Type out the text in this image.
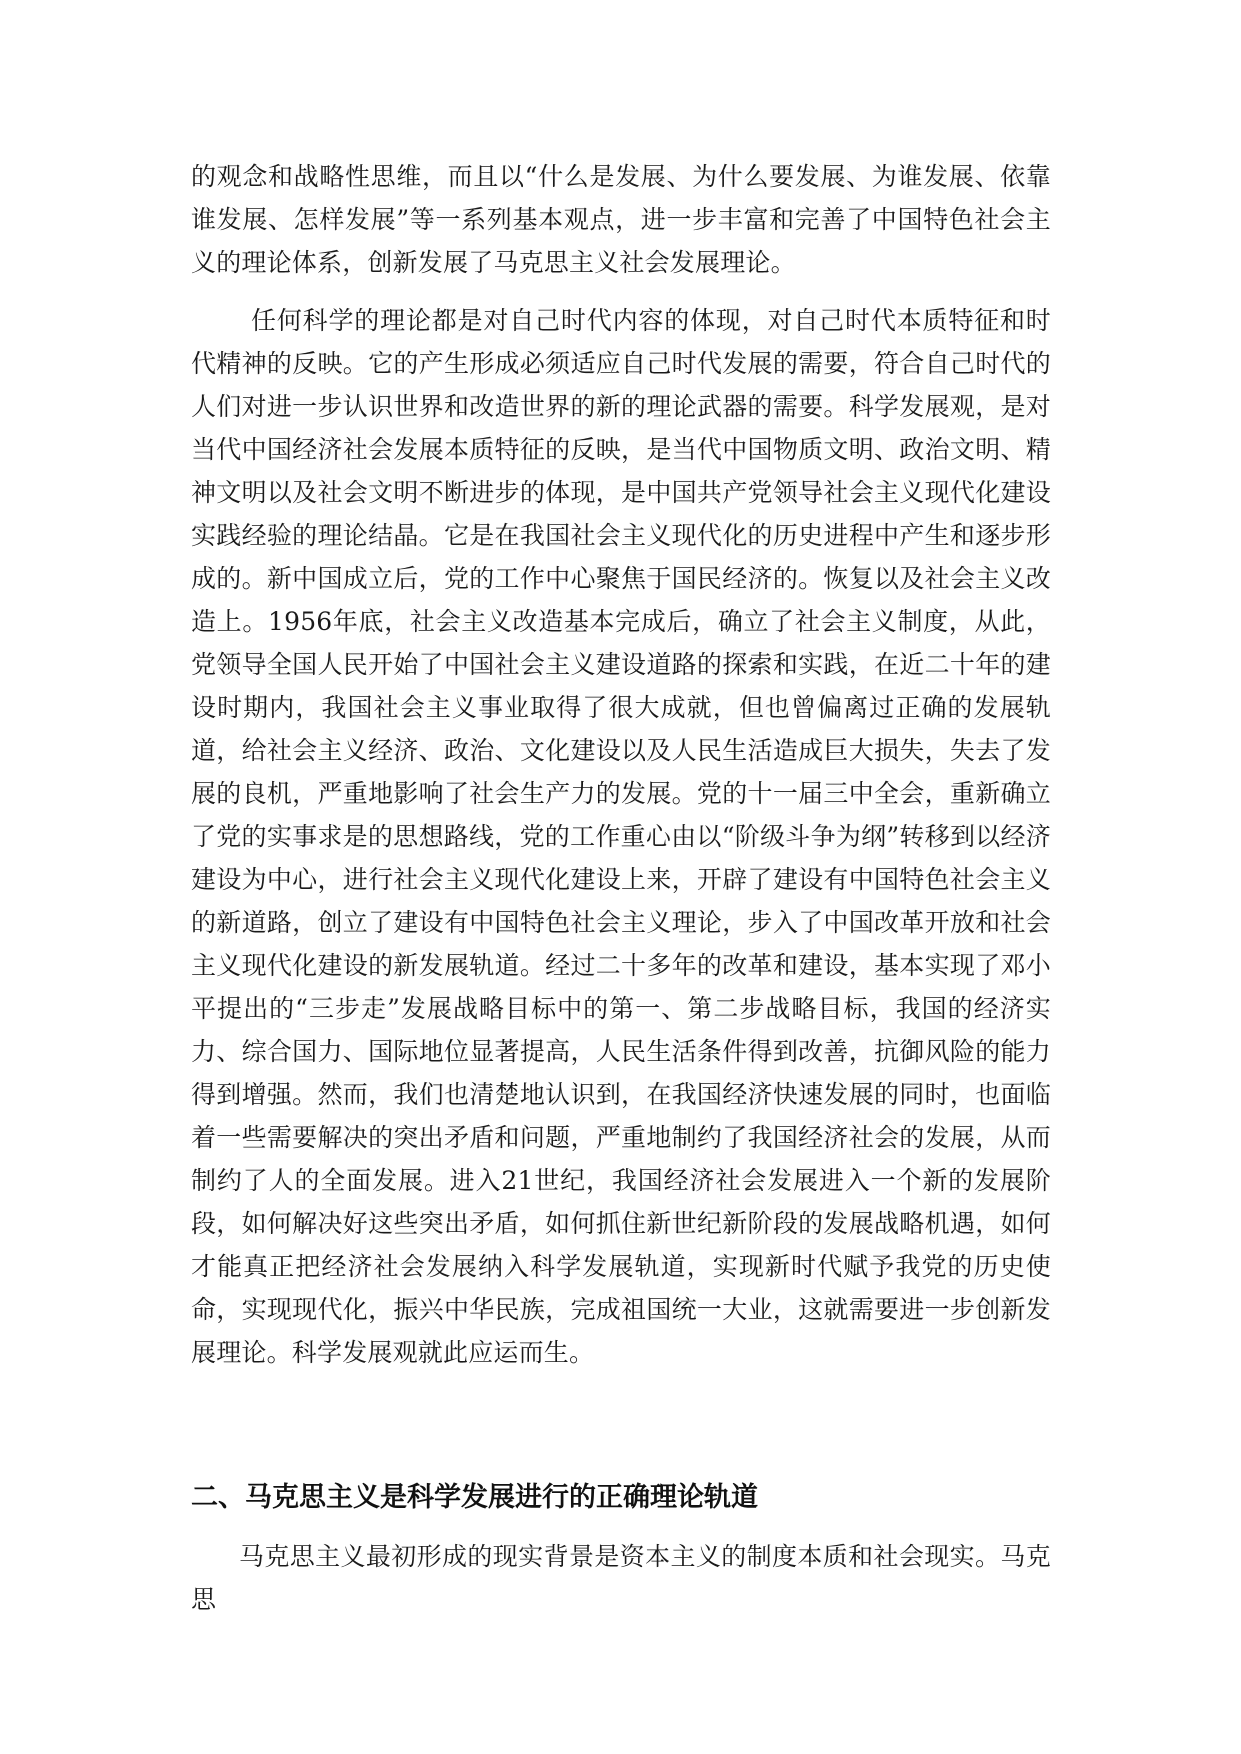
的观念和战略性思维，而且以“什么是发展、为什么要发展、为谁发展、依靠谁发展、怎样发展”等一系列基本观点，进一步丰富和完善了中国特色社会主义的理论体系，创新发展了马克思主义社会发展理论。

任何科学的理论都是对自己时代内容的体现，对自己时代本质特征和时代精神的反映。它的产生形成必须适应自己时代发展的需要，符合自己时代的人们对进一步认识世界和改造世界的新的理论武器的需要。科学发展观，是对当代中国经济社会发展本质特征的反映，是当代中国物质文明、政治文明、精神文明以及社会文明不断进步的体现，是中国共产党领导社会主义现代化建设实践经验的理论结晶。它是在我国社会主义现代化的历史进程中产生和逐步形成的。新中国成立后，党的工作中心聚焦于国民经济的。恢复以及社会主义改造上。1956年底，社会主义改造基本完成后，确立了社会主义制度，从此，党领导全国人民开始了中国社会主义建设道路的探索和实践，在近二十年的建设时期内，我国社会主义事业取得了很大成就，但也曾偏离过正确的发展轨道，给社会主义经济、政治、文化建设以及人民生活造成巨大损失，失去了发展的良机，严重地影响了社会生产力的发展。党的十一届三中全会，重新确立了党的实事求是的思想路线，党的工作重心由以“阶级斗争为纲”转移到以经济建设为中心，进行社会主义现代化建设上来，开辟了建设有中国特色社会主义的新道路，创立了建设有中国特色社会主义理论，步入了中国改革开放和社会主义现代化建设的新发展轨道。经过二十多年的改革和建设，基本实现了邓小平提出的“三步走”发展战略目标中的第一、第二步战略目标，我国的经济实力、综合国力、国际地位显著提高，人民生活条件得到改善，抗御风险的能力得到增强。然而，我们也清楚地认识到，在我国经济快速发展的同时，也面临着一些需要解决的突出矛盾和问题，严重地制约了我国经济社会的发展，从而制约了人的全面发展。进入21世纪，我国经济社会发展进入一个新的发展阶段，如何解决好这些突出矛盾，如何抓住新世纪新阶段的发展战略机遇，如何才能真正把经济社会发展纳入科学发展轨道，实现新时代赋予我党的历史使命，实现现代化，振兴中华民族，完成祖国统一大业，这就需要进一步创新发展理论。科学发展观就此应运而生。

二、马克思主义是科学发展进行的正确理论轨道

马克思主义最初形成的现实背景是资本主义的制度本质和社会现实。马克思
